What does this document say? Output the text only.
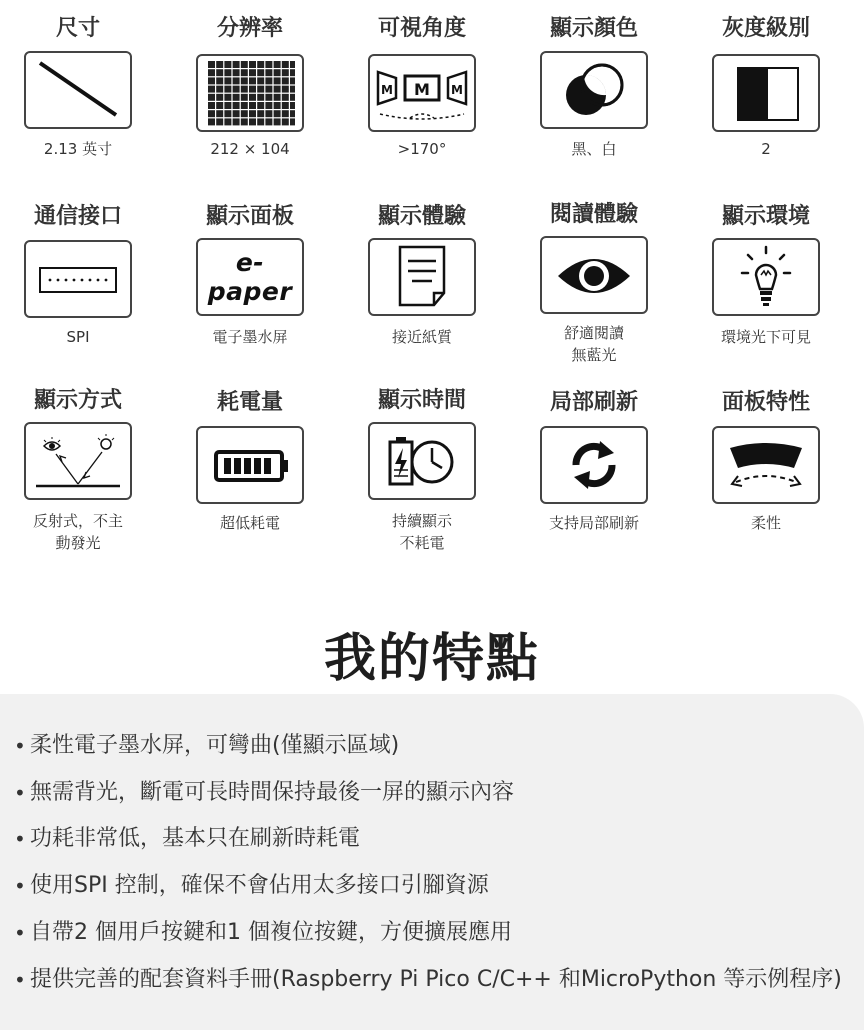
尺寸
2.13 英寸
分辨率
212 × 104
可視角度
M M M
>170°
顯示顏色
黑、白
灰度級別
2
通信接口
SPI
顯示面板
e-paper
電子墨水屏
顯示體驗
接近紙質
閱讀體驗
舒適閱讀
無藍光
顯示環境
環境光下可見
顯示方式
反射式，不主
動發光
耗電量
超低耗電
顯示時間
持續顯示
不耗電
局部刷新
支持局部刷新
面板特性
柔性
我的特點
• 柔性電子墨水屏，可彎曲(僅顯示區域)
• 無需背光，斷電可長時間保持最後一屏的顯示內容
• 功耗非常低，基本只在刷新時耗電
• 使用SPI 控制，確保不會佔用太多接口引腳資源
• 自帶2 個用戶按鍵和1 個複位按鍵，方便擴展應用
• 提供完善的配套資料手冊(Raspberry Pi Pico C/C++ 和MicroPython 等示例程序)
